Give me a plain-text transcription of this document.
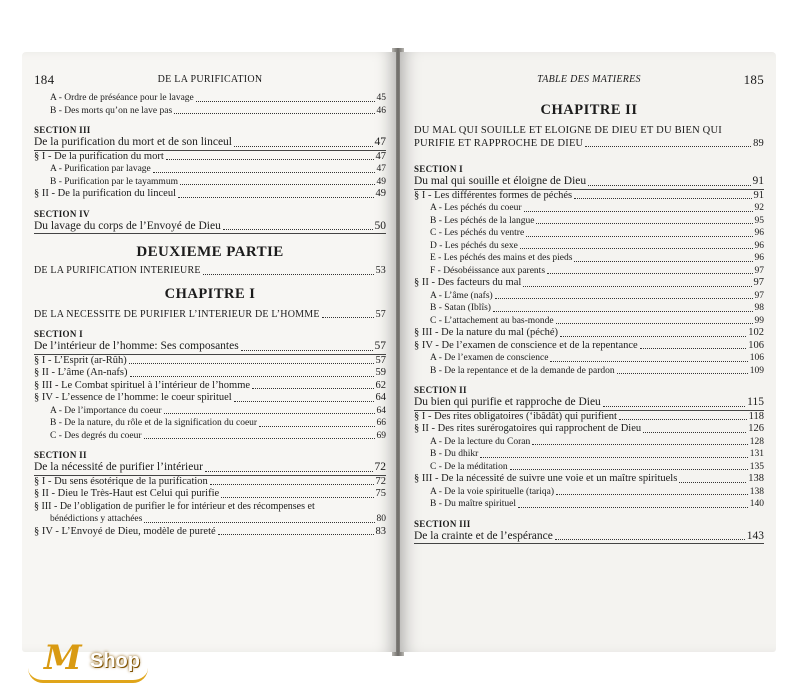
184	DE LA PURIFICATION
A - Ordre de préséance pour le lavage	45
B - Des morts qu’on ne lave pas	46
SECTION III
De la purification du mort et de son linceul	47
§ I - De la purification du mort	47
A - Purification par lavage	47
B - Purification par le tayammum	49
§ II - De la purification du linceul	49
SECTION IV
Du lavage du corps de l’Envoyé de Dieu	50
DEUXIEME PARTIE
DE LA PURIFICATION INTERIEURE	53
CHAPITRE I
DE LA NECESSITE DE PURIFIER L’INTERIEUR DE L’HOMME	57
SECTION I
De l’intérieur de l’homme: Ses composantes	57
§ I - L’Esprit (ar-Rûh)	57
§ II - L’âme (An-nafs)	59
§ III - Le Combat spirituel à l’intérieur de l’homme	62
§ IV - L’essence de l’homme: le coeur spirituel	64
A - De l’importance du coeur	64
B - De la nature, du rôle et de la signification du coeur	66
C - Des degrés du coeur	69
SECTION II
De la nécessité de purifier l’intérieur	72
§ I - Du sens ésotérique de la purification	72
§ II - Dieu le Très-Haut est Celui qui purifie	75
§ III - De l’obligation de purifier le for intérieur et des récompenses et
bénédictions y attachées	80
§ IV - L’Envoyé de Dieu, modèle de pureté	83
M Shop
TABLE DES MATIERES	185
CHAPITRE II
DU MAL QUI SOUILLE ET ELOIGNE DE DIEU ET DU BIEN QUI
PURIFIE ET RAPPROCHE DE DIEU	89
SECTION I
Du mal qui souille et éloigne de Dieu	91
§ I - Les différentes formes de péchés	91
A - Les péchés du coeur	92
B - Les péchés de la langue	95
C - Les péchés du ventre	96
D - Les péchés du sexe	96
E - Les péchés des mains et des pieds	96
F - Désobéissance aux parents	97
§ II - Des facteurs du mal	97
A - L’âme (nafs)	97
B - Satan (Iblîs)	98
C - L’attachement au bas-monde	99
§ III - De la nature du mal (péché)	102
§ IV - De l’examen de conscience et de la repentance	106
A - De l’examen de conscience	106
B - De la repentance et de la demande de pardon	109
SECTION II
Du bien qui purifie et rapproche de Dieu	115
§ I - Des rites obligatoires (‘ibâdât) qui purifient	118
§ II - Des rites surérogatoires qui rapprochent de Dieu	126
A - De la lecture du Coran	128
B - Du dhikr	131
C - De la méditation	135
§ III - De la nécessité de suivre une voie et un maître spirituels	138
A - De la voie spirituelle (tariqa)	138
B - Du maître spirituel	140
SECTION III
De la crainte et de l’espérance	143
